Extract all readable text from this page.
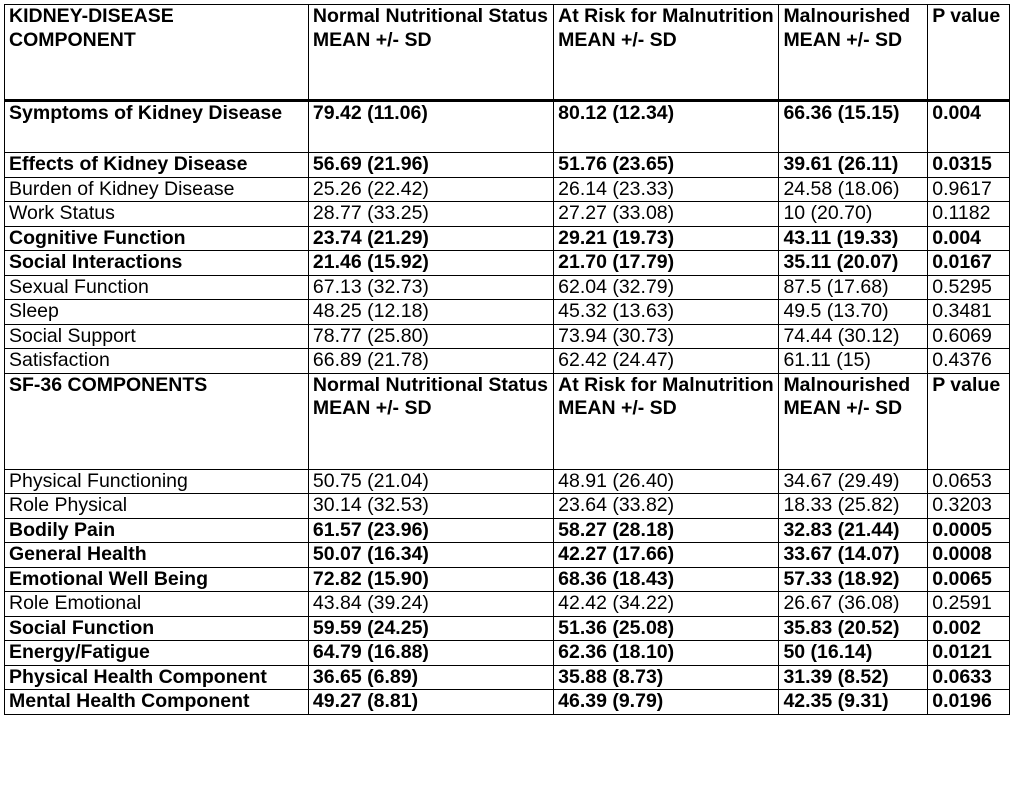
KIDNEY-DISEASE COMPONENT	Normal Nutritional Status MEAN +/- SD	At Risk for Malnutrition MEAN +/- SD	Malnourished MEAN +/- SD	P value
Symptoms of Kidney Disease	79.42 (11.06)	80.12 (12.34)	66.36 (15.15)	0.004
Effects of Kidney Disease	56.69 (21.96)	51.76 (23.65)	39.61 (26.11)	0.0315
Burden of Kidney Disease	25.26 (22.42)	26.14 (23.33)	24.58 (18.06)	0.9617
Work Status	28.77 (33.25)	27.27 (33.08)	10 (20.70)	0.1182
Cognitive Function	23.74 (21.29)	29.21 (19.73)	43.11 (19.33)	0.004
Social Interactions	21.46 (15.92)	21.70 (17.79)	35.11 (20.07)	0.0167
Sexual Function	67.13 (32.73)	62.04 (32.79)	87.5 (17.68)	0.5295
Sleep	48.25 (12.18)	45.32 (13.63)	49.5 (13.70)	0.3481
Social Support	78.77 (25.80)	73.94 (30.73)	74.44 (30.12)	0.6069
Satisfaction	66.89 (21.78)	62.42 (24.47)	61.11 (15)	0.4376
SF-36 COMPONENTS	Normal Nutritional Status MEAN +/- SD	At Risk for Malnutrition MEAN +/- SD	Malnourished MEAN +/- SD	P value
Physical Functioning	50.75 (21.04)	48.91 (26.40)	34.67 (29.49)	0.0653
Role Physical	30.14 (32.53)	23.64 (33.82)	18.33 (25.82)	0.3203
Bodily Pain	61.57 (23.96)	58.27 (28.18)	32.83 (21.44)	0.0005
General Health	50.07 (16.34)	42.27 (17.66)	33.67 (14.07)	0.0008
Emotional Well Being	72.82 (15.90)	68.36 (18.43)	57.33 (18.92)	0.0065
Role Emotional	43.84 (39.24)	42.42 (34.22)	26.67 (36.08)	0.2591
Social Function	59.59 (24.25)	51.36 (25.08)	35.83 (20.52)	0.002
Energy/Fatigue	64.79 (16.88)	62.36 (18.10)	50 (16.14)	0.0121
Physical Health Component	36.65 (6.89)	35.88 (8.73)	31.39 (8.52)	0.0633
Mental Health Component	49.27 (8.81)	46.39 (9.79)	42.35 (9.31)	0.0196
